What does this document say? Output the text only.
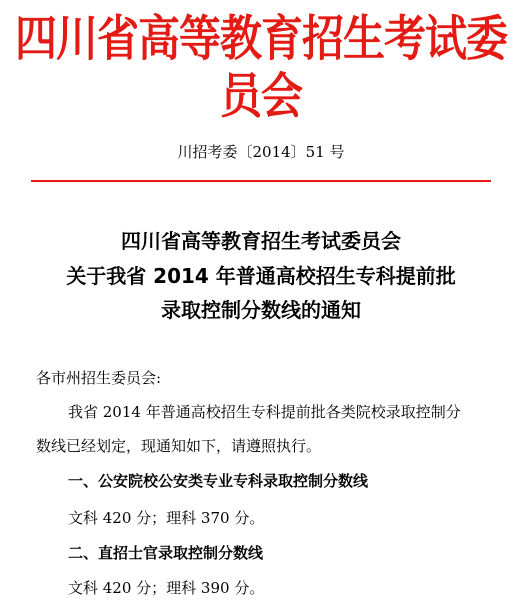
四川省高等教育招生考试委员会
川招考委〔2014〕51 号
四川省高等教育招生考试委员会
关于我省 2014 年普通高校招生专科提前批
录取控制分数线的通知
各市州招生委员会:
我省 2014 年普通高校招生专科提前批各类院校录取控制分
数线已经划定，现通知如下，请遵照执行。
一、公安院校公安类专业专科录取控制分数线
文科 420 分；理科 370 分。
二、直招士官录取控制分数线
文科 420 分；理科 390 分。
